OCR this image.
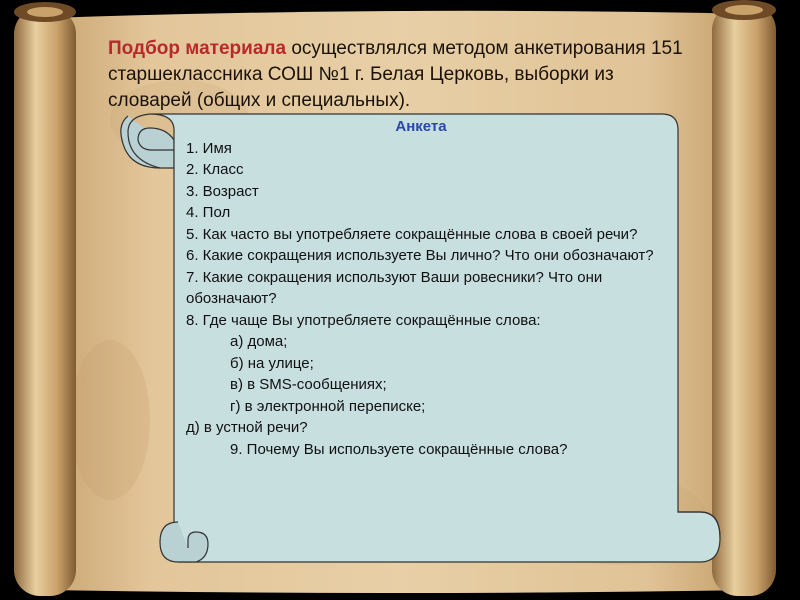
Подбор материала осуществлялся методом анкетирования 151 старшеклассника СОШ №1 г. Белая Церковь, выборки из словарей (общих и специальных).

Анкета

1. Имя

2. Класс

3. Возраст

4. Пол

5. Как часто вы употребляете сокращённые слова в своей речи?

6. Какие сокращения используете Вы лично? Что они обозначают?

7. Какие сокращения используют Ваши ровесники? Что они обозначают?

8. Где чаще Вы употребляете сокращённые слова:

а) дома;

б) на улице;

в) в SMS-сообщениях;

г) в электронной переписке;

д) в устной речи?

9. Почему Вы используете сокращённые слова?
